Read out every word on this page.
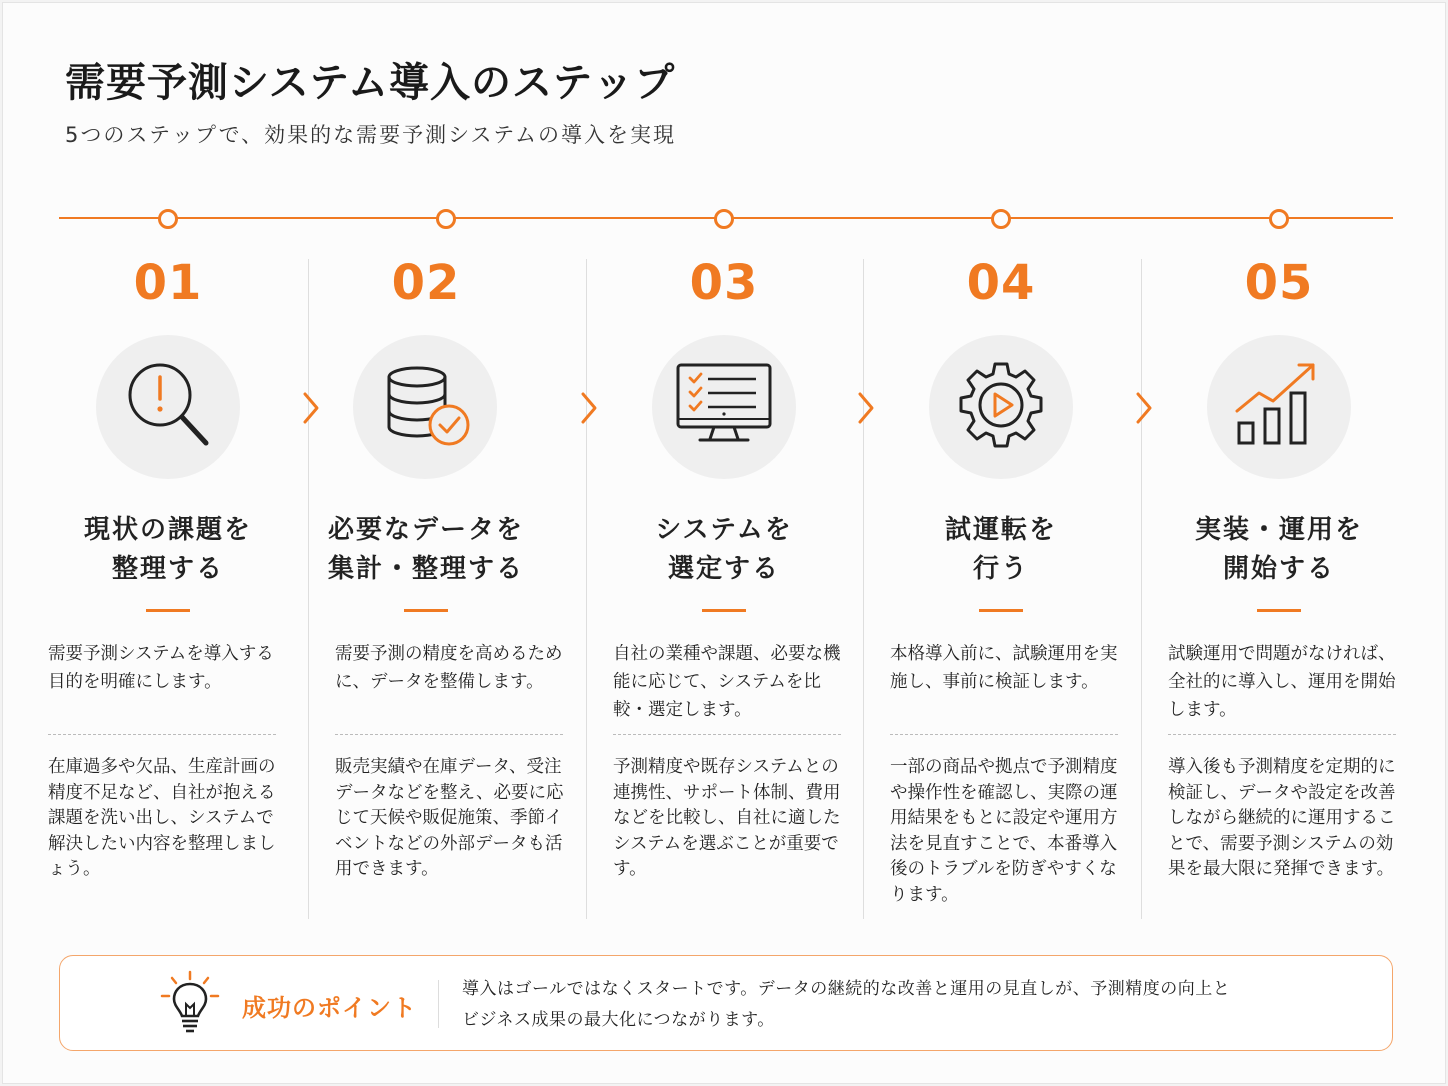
需要予測システム導入のステップ

5つのステップで、効果的な需要予測システムの導入を実現

01
現状の課題を
整理する
需要予測システムを導入する目的を明確にします。
在庫過多や欠品、生産計画の精度不足など、自社が抱える課題を洗い出し、システムで解決したい内容を整理しましょう。
02
必要なデータを
集計・整理する
需要予測の精度を高めるために、データを整備します。
販売実績や在庫データ、受注データなどを整え、必要に応じて天候や販促施策、季節イベントなどの外部データも活用できます。
03
システムを
選定する
自社の業種や課題、必要な機能に応じて、システムを比較・選定します。
予測精度や既存システムとの連携性、サポート体制、費用などを比較し、自社に適したシステムを選ぶことが重要です。
04
試運転を
行う
本格導入前に、試験運用を実施し、事前に検証します。
一部の商品や拠点で予測精度や操作性を確認し、実際の運用結果をもとに設定や運用方法を見直すことで、本番導入後のトラブルを防ぎやすくなります。
05
実装・運用を
開始する
試験運用で問題がなければ、全社的に導入し、運用を開始します。
導入後も予測精度を定期的に検証し、データや設定を改善しながら継続的に運用することで、需要予測システムの効果を最大限に発揮できます。
成功のポイント
導入はゴールではなくスタートです。データの継続的な改善と運用の見直しが、予測精度の向上と
ビジネス成果の最大化につながります。
